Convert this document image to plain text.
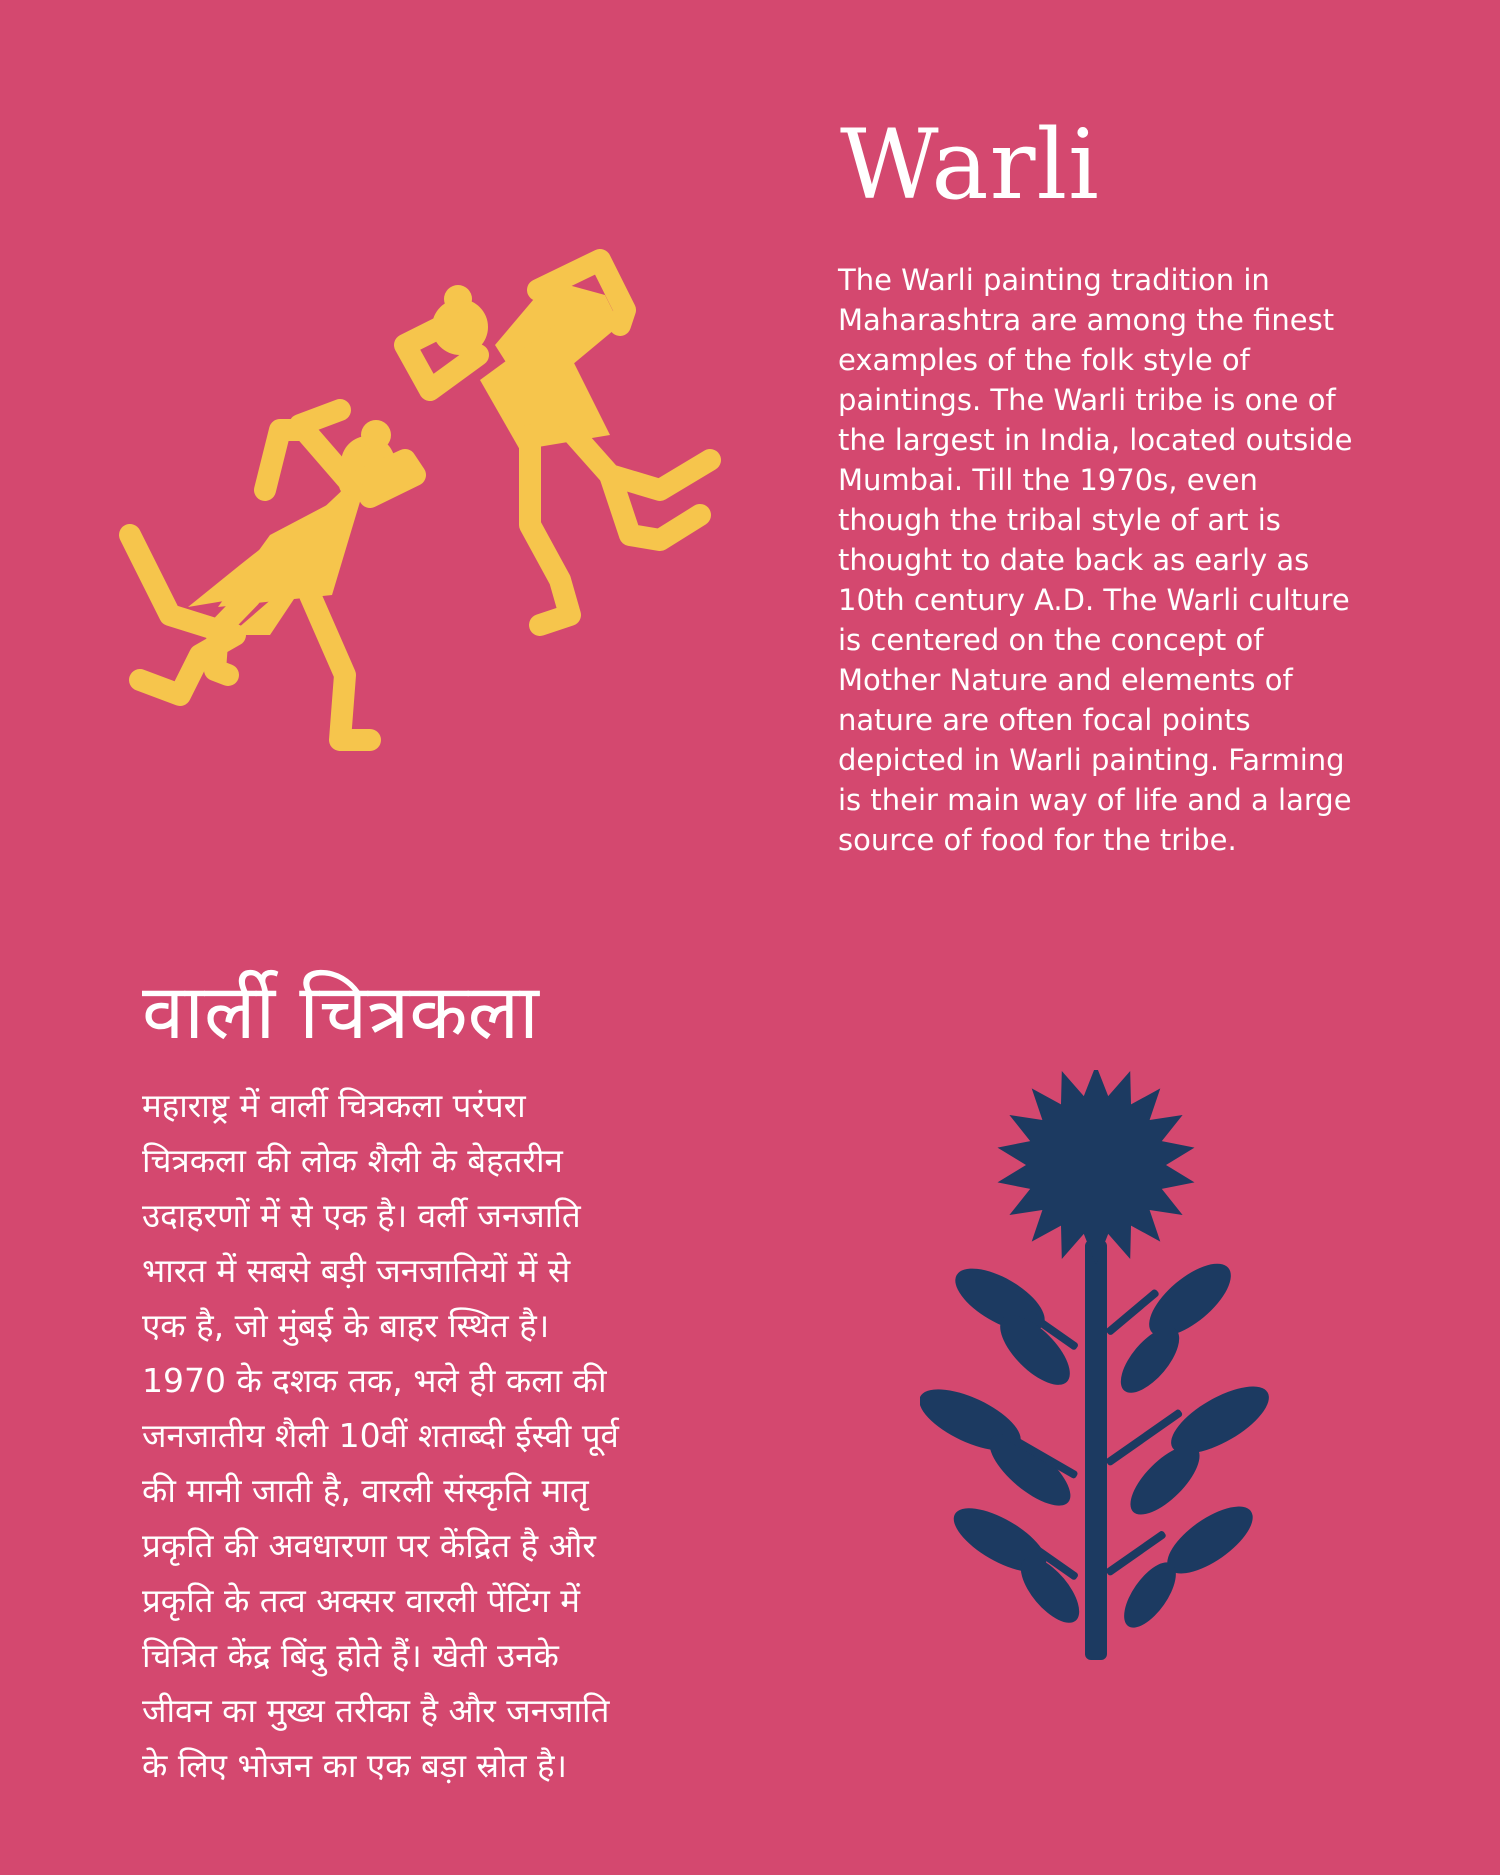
Warli

The Warli painting tradition in
Maharashtra are among the finest
examples of the folk style of
paintings. The Warli tribe is one of
the largest in India, located outside
Mumbai. Till the 1970s, even
though the tribal style of art is
thought to date back as early as
10th century A.D. The Warli culture
is centered on the concept of
Mother Nature and elements of
nature are often focal points
depicted in Warli painting. Farming
is their main way of life and a large
source of food for the tribe.

वार्ली चित्रकला

महाराष्ट्र में वार्ली चित्रकला परंपरा
चित्रकला की लोक शैली के बेहतरीन
उदाहरणों में से एक है। वर्ली जनजाति
भारत में सबसे बड़ी जनजातियों में से
एक है, जो मुंबई के बाहर स्थित है।
1970 के दशक तक, भले ही कला की
जनजातीय शैली 10वीं शताब्दी ईस्वी पूर्व
की मानी जाती है, वारली संस्कृति मातृ
प्रकृति की अवधारणा पर केंद्रित है और
प्रकृति के तत्व अक्सर वारली पेंटिंग में
चित्रित केंद्र बिंदु होते हैं। खेती उनके
जीवन का मुख्य तरीका है और जनजाति
के लिए भोजन का एक बड़ा स्रोत है।
